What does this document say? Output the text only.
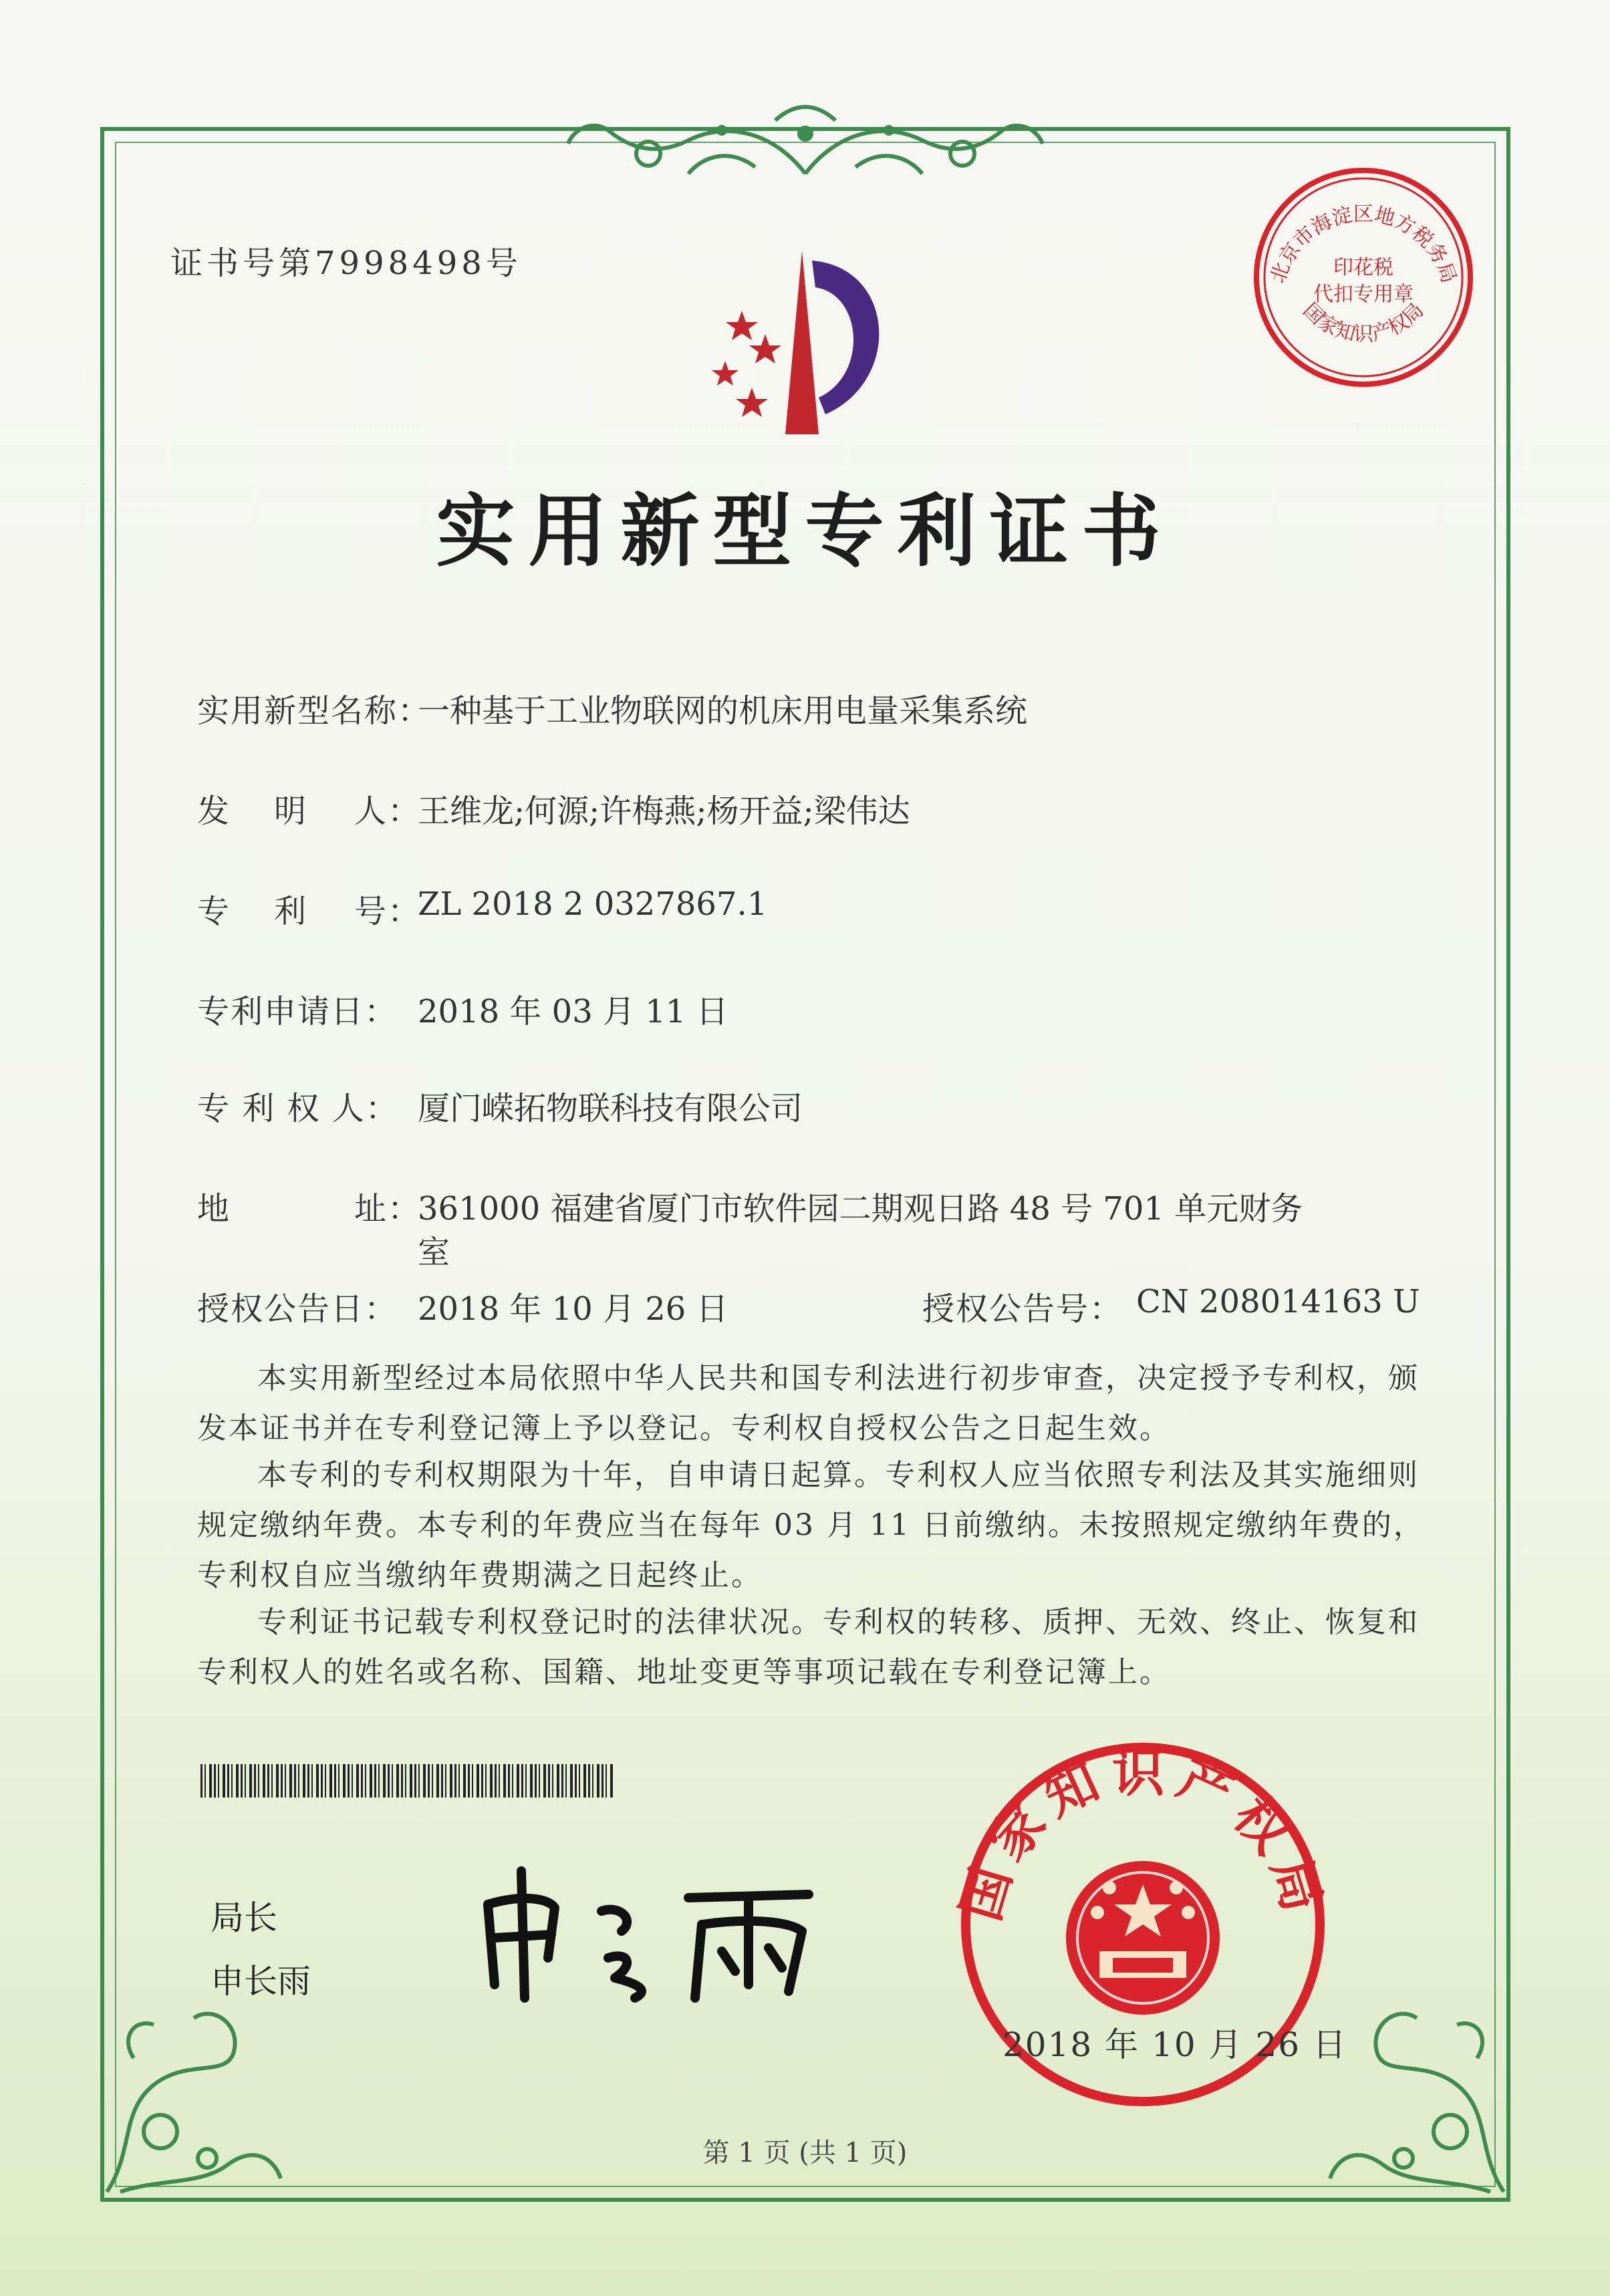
证书号第7998498号	北京市海淀区地方税务局
国家知识产权局
印花税
代扣专用章
实用新型专利证书
实用新型名称：
一种基于工业物联网的机床用电量采集系统
发 明 人：
王维龙;何源;许梅燕;杨开益;梁伟达
专 利 号：
ZL 2018 2 0327867.1
专利申请日： 2018 年 03 月 11 日
专 利 权 人： 厦门嵘拓物联科技有限公司
地	址：
361000 福建省厦门市软件园二期观日路 48 号 701 单元财务
室
授权公告日： 2018 年 10 月 26 日	授权公告号： CN 208014163 U
本实用新型经过本局依照中华人民共和国专利法进行初步审查，决定授予专利权，颁发本证书并在专利登记簿上予以登记。专利权自授权公告之日起生效。
本专利的专利权期限为十年，自申请日起算。专利权人应当依照专利法及其实施细则规定缴纳年费。本专利的年费应当在每年 03 月 11 日前缴纳。未按照规定缴纳年费的，专利权自应当缴纳年费期满之日起终止。
专利证书记载专利权登记时的法律状况。专利权的转移、质押、无效、终止、恢复和专利权人的姓名或名称、国籍、地址变更等事项记载在专利登记簿上。
局长
申长雨
国家知识产权局
2018 年 10 月 26 日
第 1 页 (共 1 页)
